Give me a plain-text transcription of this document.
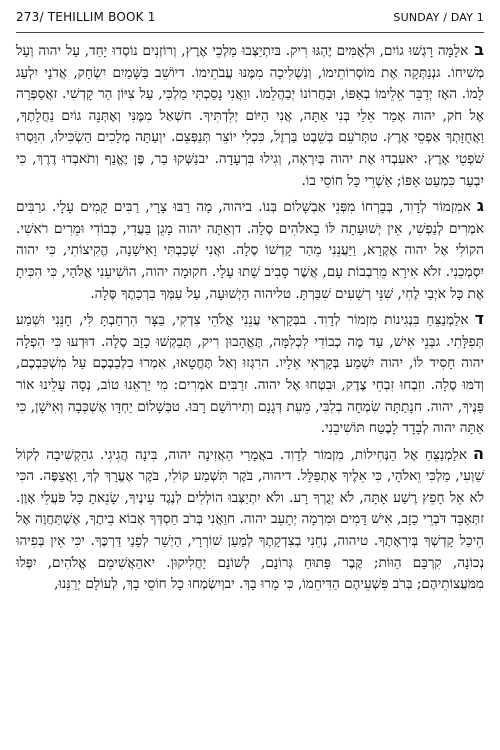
273/ TEHILLIM BOOK 1	SUNDAY / DAY 1

באלָמָּה רָגְשׁוּ גוֹיִם, וּלְאֻמִּים יֶהְגּוּ רִיק. בּיִתְיַצְּבוּ מַלְכֵי אֶרֶץ, וְרוֹזְנִים נוֹסְדוּ יָחַד, עַל יהוה וְעַל מְשִׁיחוֹ. גנְנַתְּקָה אֶת מוֹסְרוֹתֵימוֹ, וְנַשְׁלִיכָה מִמֶּנּוּ עֲבֹתֵימוֹ. דיוֹשֵׁב בַּשָּׁמַיִם יִשְׂחָק, אֲדֹנָי יִלְעַג לָמוֹ. האָז יְדַבֵּר אֵלֵימוֹ בְאַפּוֹ, וּבַחֲרוֹנוֹ יְבַהֲלֵמוֹ. ווַאֲנִי נָסַכְתִּי מַלְכִּי, עַל צִיּוֹן הַר קָדְשִׁי. זאֲסַפְּרָה אֶל חֹק, יהוה אָמַר אֵלַי בְּנִי אַתָּה, אֲנִי הַיּוֹם יְלִדְתִּיךָ. חשְׁאַל מִמֶּנִּי וְאֶתְּנָה גוֹיִם נַחֲלָתֶךָ, וַאֲחֻזָּתְךָ אַפְסֵי אָרֶץ. טתְּרֹעֵם בְּשֵׁבֶט בַּרְזֶל, כִּכְלִי יוֹצֵר תְּנַפְּצֵם. יוְעַתָּה מְלָכִים הַשְׂכִּילוּ, הִוָּסְרוּ שֹׁפְטֵי אָרֶץ. יאעִבְדוּ אֶת יהוה בְּיִרְאָה, וְגִילוּ בִּרְעָדָה. יבנַשְּׁקוּ בַר, פֶּן יֶאֱנַף וְתֹאבְדוּ דֶרֶךְ, כִּי יִבְעַר כִּמְעַט אַפּוֹ; אַשְׁרֵי כָּל חוֹסֵי בוֹ.

גאמִזְמוֹר לְדָוִד, בְּבָרְחוֹ מִפְּנֵי אַבְשָׁלוֹם בְּנוֹ. ביהוה, מָה רַבּוּ צָרָי, רַבִּים קָמִים עָלָי. גרַבִּים אֹמְרִים לְנַפְשִׁי, אֵין יְשׁוּעָתָה לּוֹ בֵאלֹהִים סֶלָה. דוְאַתָּה יהוה מָגֵן בַּעֲדִי, כְּבוֹדִי וּמֵרִים רֹאשִׁי. הקוֹלִי אֶל יהוה אֶקְרָא, וַיַּעֲנֵנִי מֵהַר קָדְשׁוֹ סֶלָה. ואֲנִי שָׁכַבְתִּי וָאִישָׁנָה, הֱקִיצוֹתִי, כִּי יהוה יִסְמְכֵנִי. זלֹא אִירָא מֵרִבְבוֹת עָם, אֲשֶׁר סָבִיב שָׁתוּ עָלָי. חקוּמָה יהוה, הוֹשִׁיעֵנִי אֱלֹהַי, כִּי הִכִּיתָ אֶת כָּל אֹיְבַי לֶחִי, שִׁנֵּי רְשָׁעִים שִׁבַּרְתָּ. טליהוה הַיְשׁוּעָה, עַל עַמְּךָ בִרְכָתֶךָ סֶּלָה.

דאלַמְנַצֵּחַ בִּנְגִינוֹת מִזְמוֹר לְדָוִד. בבְּקָרְאִי עֲנֵנִי אֱלֹהֵי צִדְקִי, בַּצָּר הִרְחַבְתָּ לִּי, חָנֵּנִי וּשְׁמַע תְּפִלָּתִי. גבְּנֵי אִישׁ, עַד מֶה כְבוֹדִי לִכְלִמָּה, תֶּאֱהָבוּן רִיק, תְּבַקְשׁוּ כָזָב סֶלָה. דוּדְעוּ כִּי הִפְלָה יהוה חָסִיד לוֹ, יהוה יִשְׁמַע בְּקָרְאִי אֵלָיו. הרִגְזוּ וְאַל תֶּחֱטָאוּ, אִמְרוּ בִלְבַבְכֶם עַל מִשְׁכַּבְכֶם, וְדֹמּוּ סֶלָה. וזִבְחוּ זִבְחֵי צֶדֶק, וּבִטְחוּ אֶל יהוה. זרַבִּים אֹמְרִים: מִי יַרְאֵנוּ טוֹב, נְסָה עָלֵינוּ אוֹר פָּנֶיךָ, יהוה. חנָתַתָּה שִׂמְחָה בְלִבִּי, מֵעֵת דְּגָנָם וְתִירוֹשָׁם רָבּוּ. טבְּשָׁלוֹם יַחְדָּו אֶשְׁכְּבָה וְאִישָׁן, כִּי אַתָּה יהוה לְבָדָד לָבֶטַח תּוֹשִׁיבֵנִי.

האלַמְנַצֵּחַ אֶל הַנְּחִילוֹת, מִזְמוֹר לְדָוִד. באֲמָרַי הַאֲזִינָה יהוה, בִּינָה הֲגִיגִי. גהַקְשִׁיבָה לְקוֹל שַׁוְעִי, מַלְכִּי וֵאלֹהָי, כִּי אֵלֶיךָ אֶתְפַּלָּל. דיהוה, בֹּקֶר תִּשְׁמַע קוֹלִי, בֹּקֶר אֶעֱרָךְ לְךָ, וַאֲצַפֶּה. הכִּי לֹא אֵל חָפֵץ רֶשַׁע אָתָּה, לֹא יְגֻרְךָ רָע. ולֹא יִתְיַצְּבוּ הוֹלְלִים לְנֶגֶד עֵינֶיךָ, שָׂנֵאתָ כָּל פֹּעֲלֵי אָוֶן. זתְּאַבֵּד דֹּבְרֵי כָזָב, אִישׁ דָּמִים וּמִרְמָה יְתָעֵב יהוה. חוַאֲנִי בְּרֹב חַסְדְּךָ אָבוֹא בֵיתֶךָ, אֶשְׁתַּחֲוֶה אֶל הֵיכַל קָדְשְׁךָ בְּיִרְאָתֶךָ. טיהוה, נְחֵנִי בְצִדְקָתֶךָ לְמַעַן שׁוֹרְרָי, הַיְשַׁר לְפָנַי דַּרְכֶּךָ. יכִּי אֵין בְּפִיהוּ נְכוֹנָה, קִרְבָּם הַוּוֹת; קֶבֶר פָּתוּחַ גְּרוֹנָם, לְשׁוֹנָם יַחֲלִיקוּן. יאהַאֲשִׁימֵם אֱלֹהִים, יִפְּלוּ מִמֹּעֲצוֹתֵיהֶם; בְּרֹב פִּשְׁעֵיהֶם הַדִּיחֵמוֹ, כִּי מָרוּ בָךְ. יבוְיִשְׂמְחוּ כָל חוֹסֵי בָךְ, לְעוֹלָם יְרַנֵּנוּ,
